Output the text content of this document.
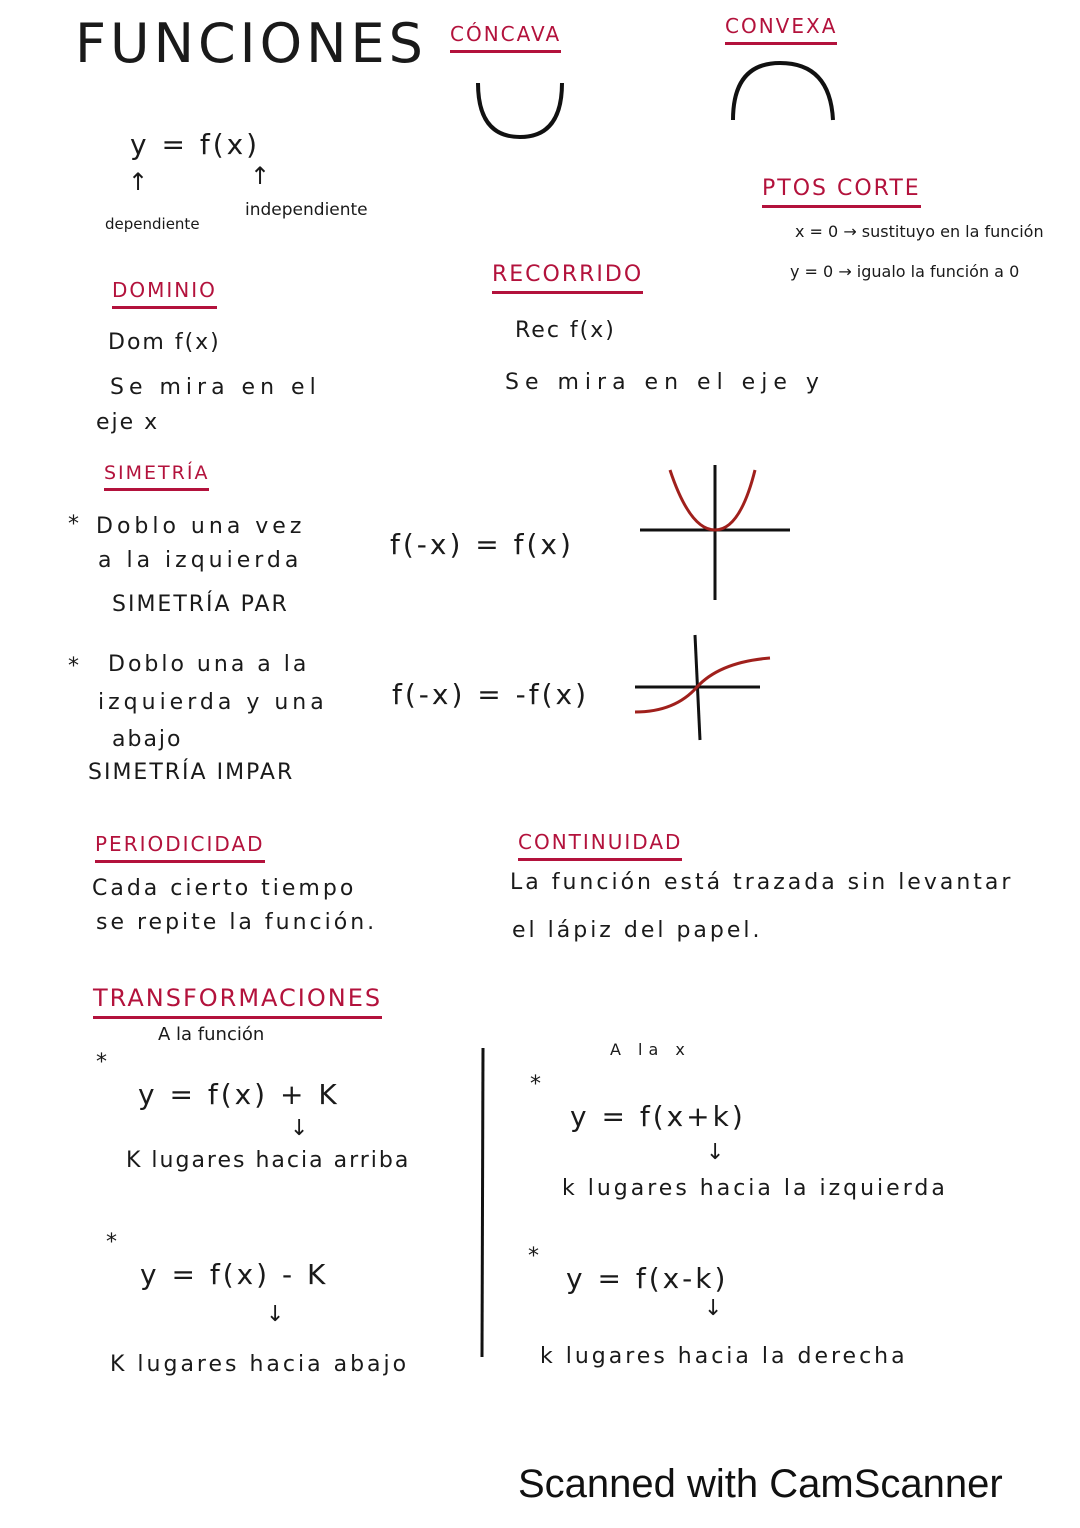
FUNCIONES CÓNCAVA	CONVEXA
y = f(x)
↑	↑
dependiente
independiente
PTOS CORTE
x = 0 → sustituyo en la función
y = 0 → igualo la función a 0
DOMINIO
Dom f(x)
Se mira en el
eje x
RECORRIDO
Rec f(x)
Se mira en el eje y
SIMETRÍA
* Doblo una vez
a la izquierda
SIMETRÍA PAR
f(-x) = f(x)
* Doblo una a la
izquierda y una
abajo
SIMETRÍA IMPAR
f(-x) = -f(x)
PERIODICIDAD
Cada cierto tiempo
se repite la función.
CONTINUIDAD
La función está trazada sin levantar
el lápiz del papel.
TRANSFORMACIONES
A la función
*
y = f(x) + K
↓
K lugares hacia arriba
*
y = f(x) - K
↓
K lugares hacia abajo
A la x
*
y = f(x+k)
↓
k lugares hacia la izquierda
*
y = f(x-k)
↓
k lugares hacia la derecha
Scanned with CamScanner
